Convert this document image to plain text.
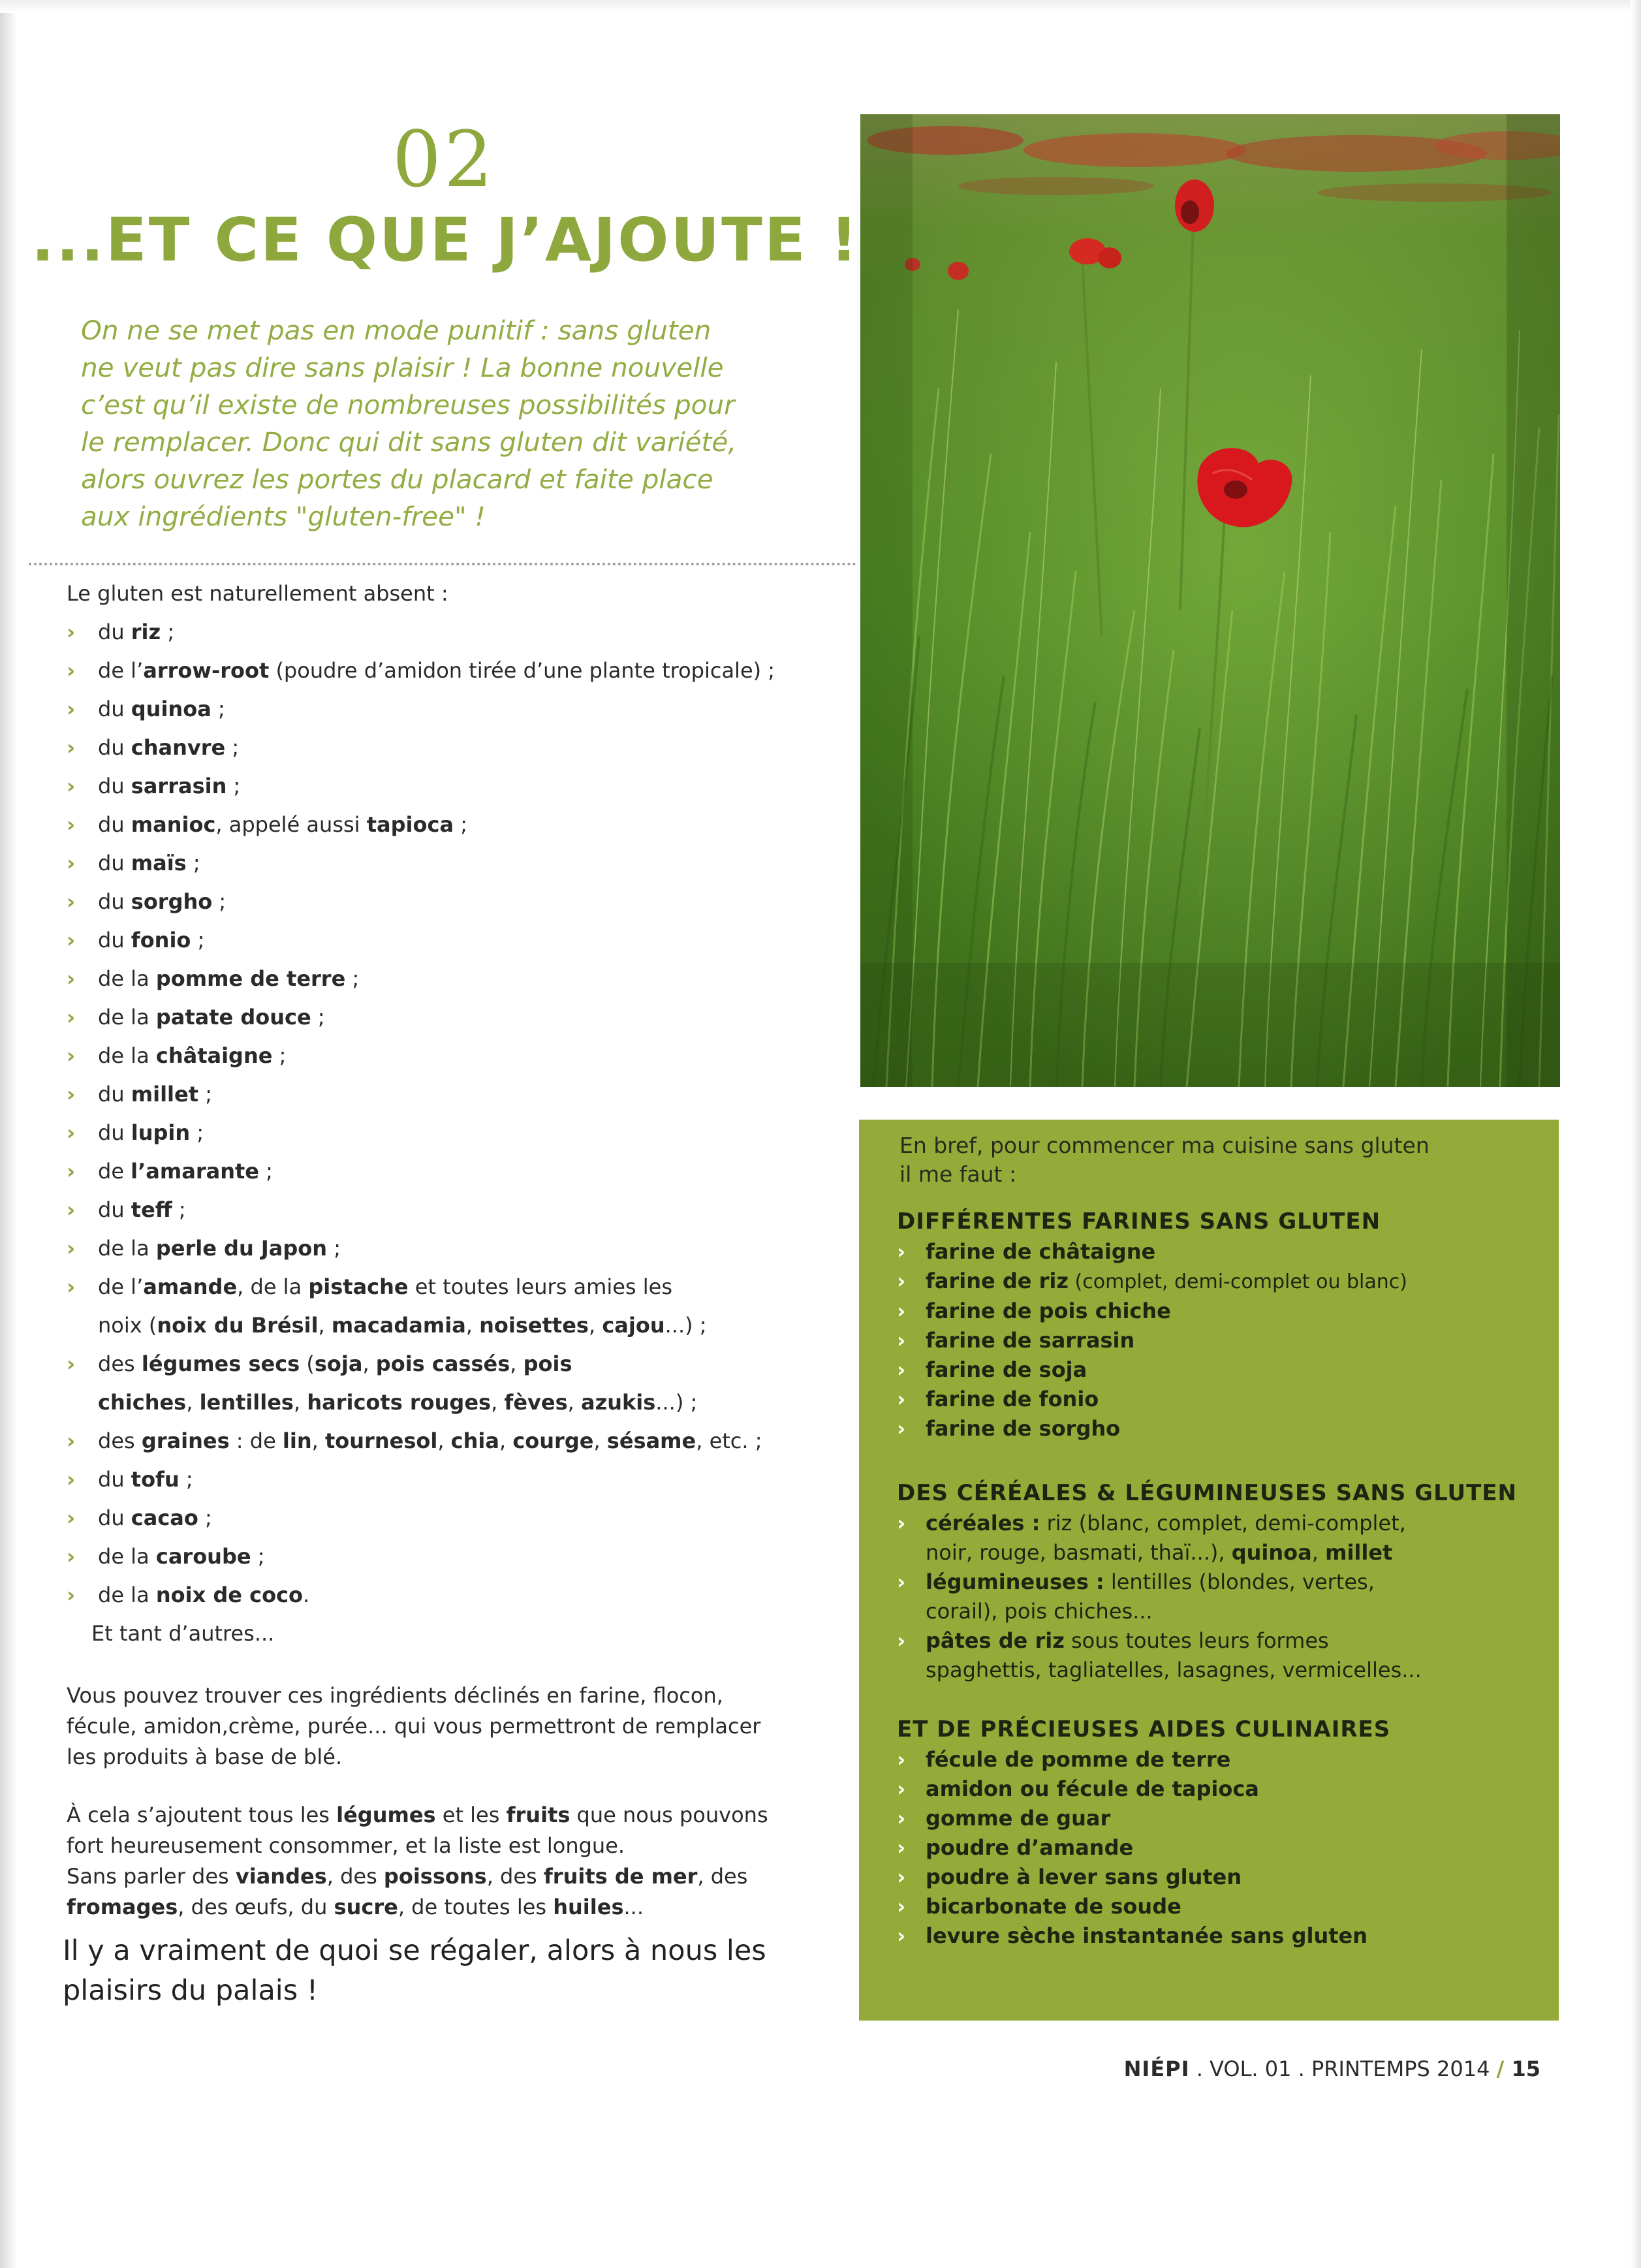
02
...ET CE QUE J’AJOUTE !
On ne se met pas en mode punitif : sans gluten
ne veut pas dire sans plaisir ! La bonne nouvelle
c’est qu’il existe de nombreuses possibilités pour
le remplacer. Donc qui dit sans gluten dit variété,
alors ouvrez les portes du placard et faite place
aux ingrédients "gluten-free" !
Le gluten est naturellement absent :
› du riz ;
› de l’arrow-root (poudre d’amidon tirée d’une plante tropicale) ;
› du quinoa ;
› du chanvre ;
› du sarrasin ;
› du manioc, appelé aussi tapioca ;
› du maïs ;
› du sorgho ;
› du fonio ;
› de la pomme de terre ;
› de la patate douce ;
› de la châtaigne ;
› du millet ;
› du lupin ;
› de l’amarante ;
› du teff ;
› de la perle du Japon ;
› de l’amande, de la pistache et toutes leurs amies les
noix (noix du Brésil, macadamia, noisettes, cajou...) ;
› des légumes secs (soja, pois cassés, pois
chiches, lentilles, haricots rouges, fèves, azukis...) ;
› des graines : de lin, tournesol, chia, courge, sésame, etc. ;
› du tofu ;
› du cacao ;
› de la caroube ;
› de la noix de coco.
Et tant d’autres...
Vous pouvez trouver ces ingrédients déclinés en farine, flocon,
fécule, amidon,crème, purée... qui vous permettront de remplacer
les produits à base de blé.
À cela s’ajoutent tous les légumes et les fruits que nous pouvons
fort heureusement consommer, et la liste est longue.
Sans parler des viandes, des poissons, des fruits de mer, des
fromages, des œufs, du sucre, de toutes les huiles...
Il y a vraiment de quoi se régaler, alors à nous les
plaisirs du palais !
En bref, pour commencer ma cuisine sans gluten
il me faut :
DIFFÉRENTES FARINES SANS GLUTEN
› farine de châtaigne
› farine de riz (complet, demi-complet ou blanc)
› farine de pois chiche
› farine de sarrasin
› farine de soja
› farine de fonio
› farine de sorgho
DES CÉRÉALES & LÉGUMINEUSES SANS GLUTEN
› céréales : riz (blanc, complet, demi-complet,
noir, rouge, basmati, thaï...), quinoa, millet
› légumineuses : lentilles (blondes, vertes,
corail), pois chiches...
› pâtes de riz sous toutes leurs formes
spaghettis, tagliatelles, lasagnes, vermicelles...
ET DE PRÉCIEUSES AIDES CULINAIRES
› fécule de pomme de terre
› amidon ou fécule de tapioca
› gomme de guar
› poudre d’amande
› poudre à lever sans gluten
› bicarbonate de soude
› levure sèche instantanée sans gluten
NIÉPI . VOL. 01 . PRINTEMPS 2014 / 15
